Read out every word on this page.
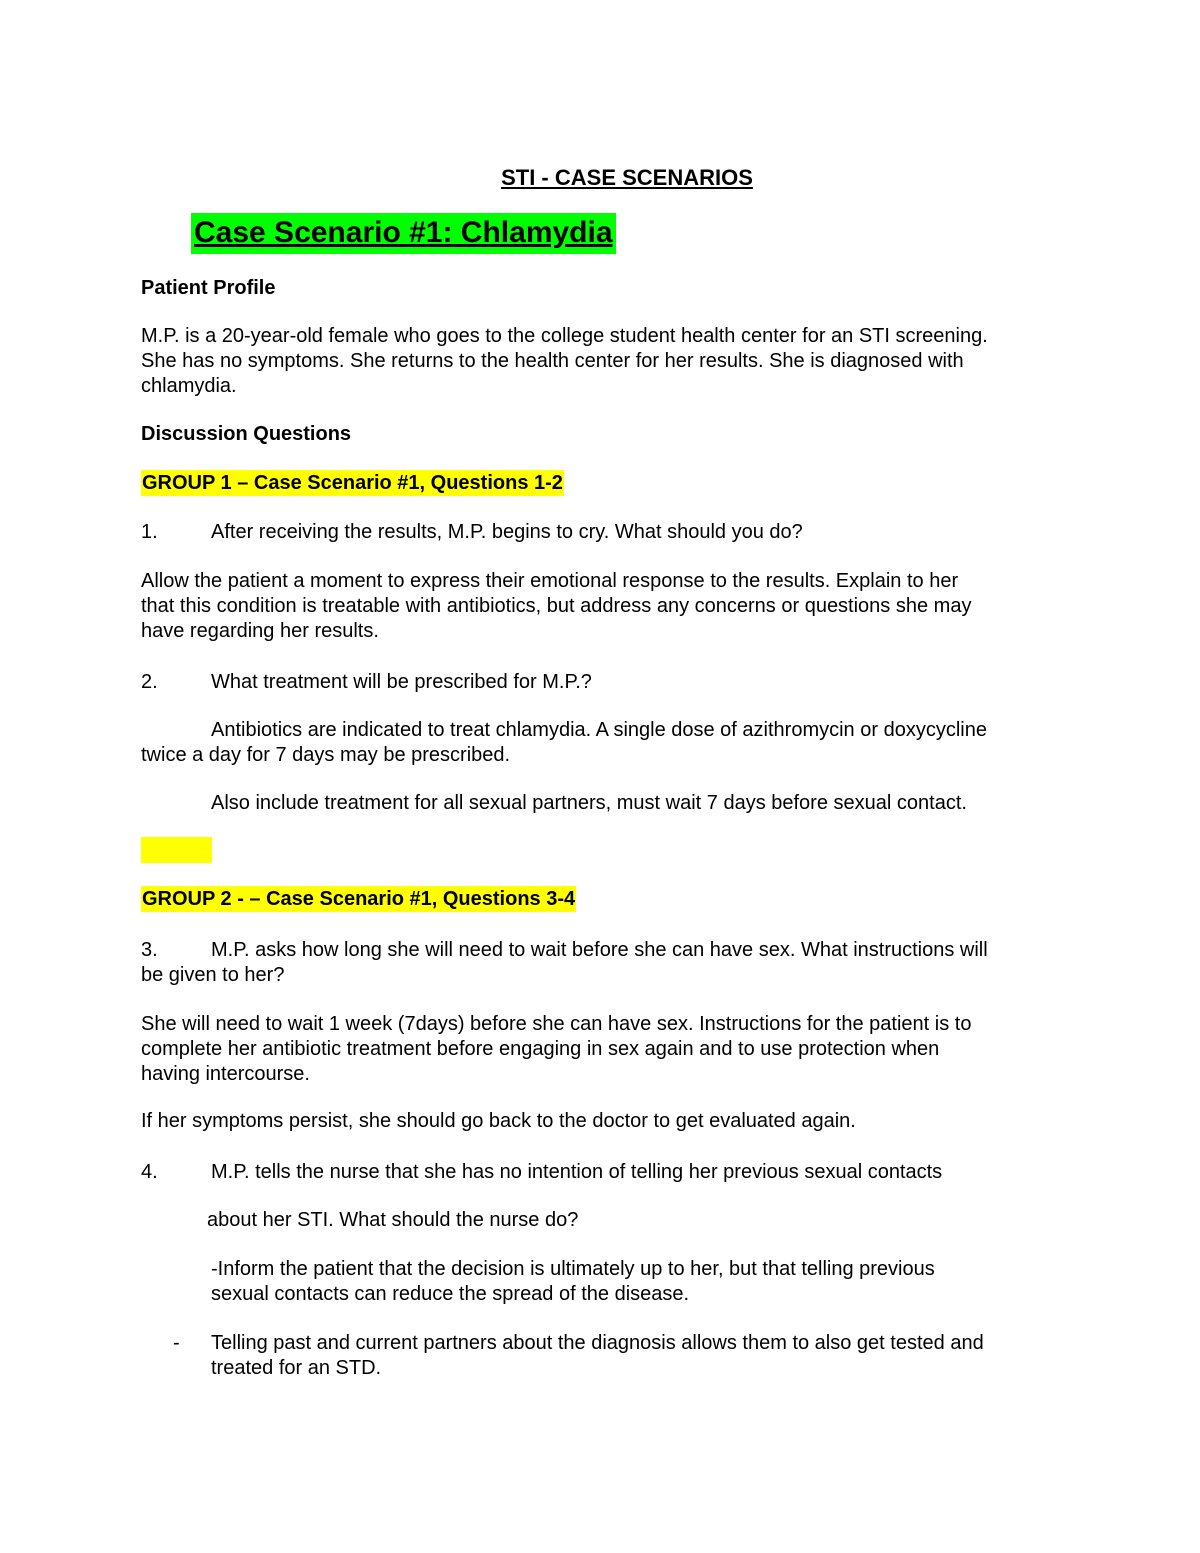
STI - CASE SCENARIOS
Case Scenario #1: Chlamydia
Patient Profile
M.P. is a 20-year-old female who goes to the college student health center for an STI screening.
She has no symptoms. She returns to the health center for her results. She is diagnosed with
chlamydia.
Discussion Questions
GROUP 1 – Case Scenario #1, Questions 1-2
1.	After receiving the results, M.P. begins to cry. What should you do?
Allow the patient a moment to express their emotional response to the results. Explain to her
that this condition is treatable with antibiotics, but address any concerns or questions she may
have regarding her results.
2.	What treatment will be prescribed for M.P.?
Antibiotics are indicated to treat chlamydia. A single dose of azithromycin or doxycycline
twice a day for 7 days may be prescribed.
Also include treatment for all sexual partners, must wait 7 days before sexual contact.
GROUP 2 - – Case Scenario #1, Questions 3-4
3.	M.P. asks how long she will need to wait before she can have sex. What instructions will
be given to her?
She will need to wait 1 week (7days) before she can have sex. Instructions for the patient is to
complete her antibiotic treatment before engaging in sex again and to use protection when
having intercourse.
If her symptoms persist, she should go back to the doctor to get evaluated again.
4.	M.P. tells the nurse that she has no intention of telling her previous sexual contacts
about her STI. What should the nurse do?
-Inform the patient that the decision is ultimately up to her, but that telling previous
sexual contacts can reduce the spread of the disease.
- Telling past and current partners about the diagnosis allows them to also get tested and
treated for an STD.
